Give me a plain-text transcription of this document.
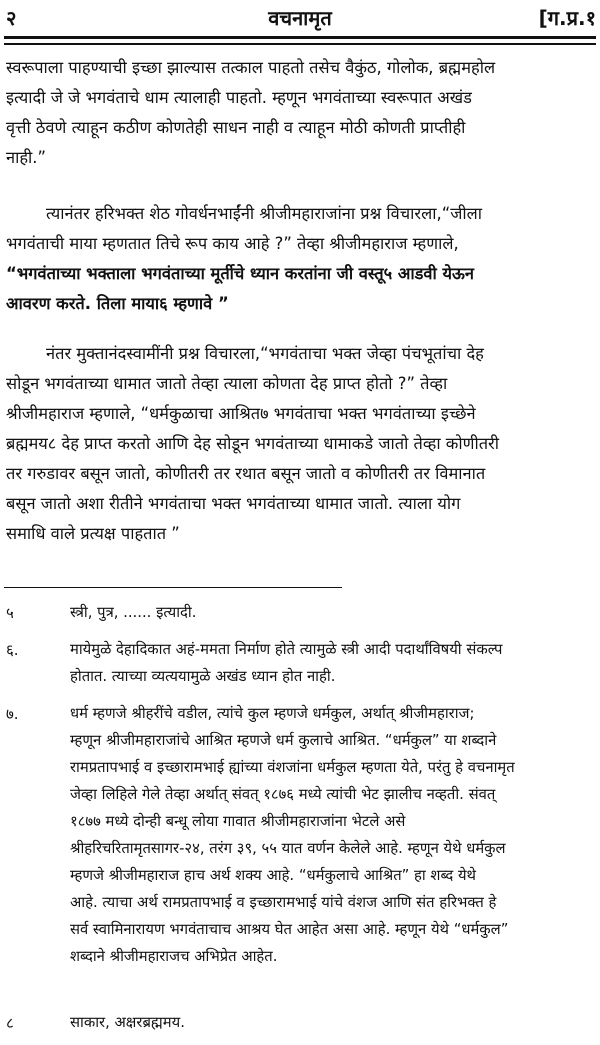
२	वचनामृत	[ग.प्र.१
स्वरूपाला पाहण्याची इच्छा झाल्यास तत्काल पाहतो तसेच वैकुंठ, गोलोक, ब्रह्ममहोल
इत्यादी जे जे भगवंताचे धाम त्यालाही पाहतो. म्हणून भगवंताच्या स्वरूपात अखंड
वृत्ती ठेवणे त्याहून कठीण कोणतेही साधन नाही व त्याहून मोठी कोणती प्राप्तीही
नाही.”
त्यानंतर हरिभक्त शेठ गोवर्धनभाईंनी श्रीजीमहाराजांना प्रश्न विचारला,“जीला
भगवंताची माया म्हणतात तिचे रूप काय आहे ?” तेव्हा श्रीजीमहाराज म्हणाले,
“भगवंताच्या भक्ताला भगवंताच्या मूर्तीचे ध्यान करतांना जी वस्तू५ आडवी येऊन
आवरण करते. तिला माया६ म्हणावे ”
नंतर मुक्तानंदस्वामींनी प्रश्न विचारला,“भगवंताचा भक्त जेव्हा पंचभूतांचा देह
सोडून भगवंताच्या धामात जातो तेव्हा त्याला कोणता देह प्राप्त होतो ?” तेव्हा
श्रीजीमहाराज म्हणाले, “धर्मकुळाचा आश्रित७ भगवंताचा भक्त भगवंताच्या इच्छेने
ब्रह्ममय८ देह प्राप्त करतो आणि देह सोडून भगवंताच्या धामाकडे जातो तेव्हा कोणीतरी
तर गरुडावर बसून जातो, कोणीतरी तर रथात बसून जातो व कोणीतरी तर विमानात
बसून जातो अशा रीतीने भगवंताचा भक्त भगवंताच्या धामात जातो. त्याला योग
समाधि वाले प्रत्यक्ष पाहतात ”
५	स्त्री, पुत्र, ...... इत्यादी.
६.	मायेमुळे देहादिकात अहं-ममता निर्माण होते त्यामुळे स्त्री आदी पदार्थांविषयी संकल्प
होतात. त्याच्या व्यत्ययामुळे अखंड ध्यान होत नाही.
७.	धर्म म्हणजे श्रीहरींचे वडील, त्यांचे कुल म्हणजे धर्मकुल, अर्थात् श्रीजीमहाराज;
म्हणून श्रीजीमहाराजांचे आश्रित म्हणजे धर्म कुलाचे आश्रित. “धर्मकुल” या शब्दाने
रामप्रतापभाई व इच्छारामभाई ह्यांच्या वंशजांना धर्मकुल म्हणता येते, परंतु हे वचनामृत
जेव्हा लिहिले गेले तेव्हा अर्थात् संवत् १८७६ मध्ये त्यांची भेट झालीच नव्हती. संवत्
१८७७ मध्ये दोन्ही बन्धू लोया गावात श्रीजीमहाराजांना भेटले असे
श्रीहरिचरितामृतसागर-२४, तरंग ३९, ५५ यात वर्णन केलेले आहे. म्हणून येथे धर्मकुल
म्हणजे श्रीजीमहाराज हाच अर्थ शक्य आहे. “धर्मकुलाचे आश्रित” हा शब्द येथे
आहे. त्याचा अर्थ रामप्रतापभाई व इच्छारामभाई यांचे वंशज आणि संत हरिभक्त हे
सर्व स्वामिनारायण भगवंताचाच आश्रय घेत आहेत असा आहे. म्हणून येथे “धर्मकुल”
शब्दाने श्रीजीमहाराजच अभिप्रेत आहेत.
८	साकार, अक्षरब्रह्ममय.
